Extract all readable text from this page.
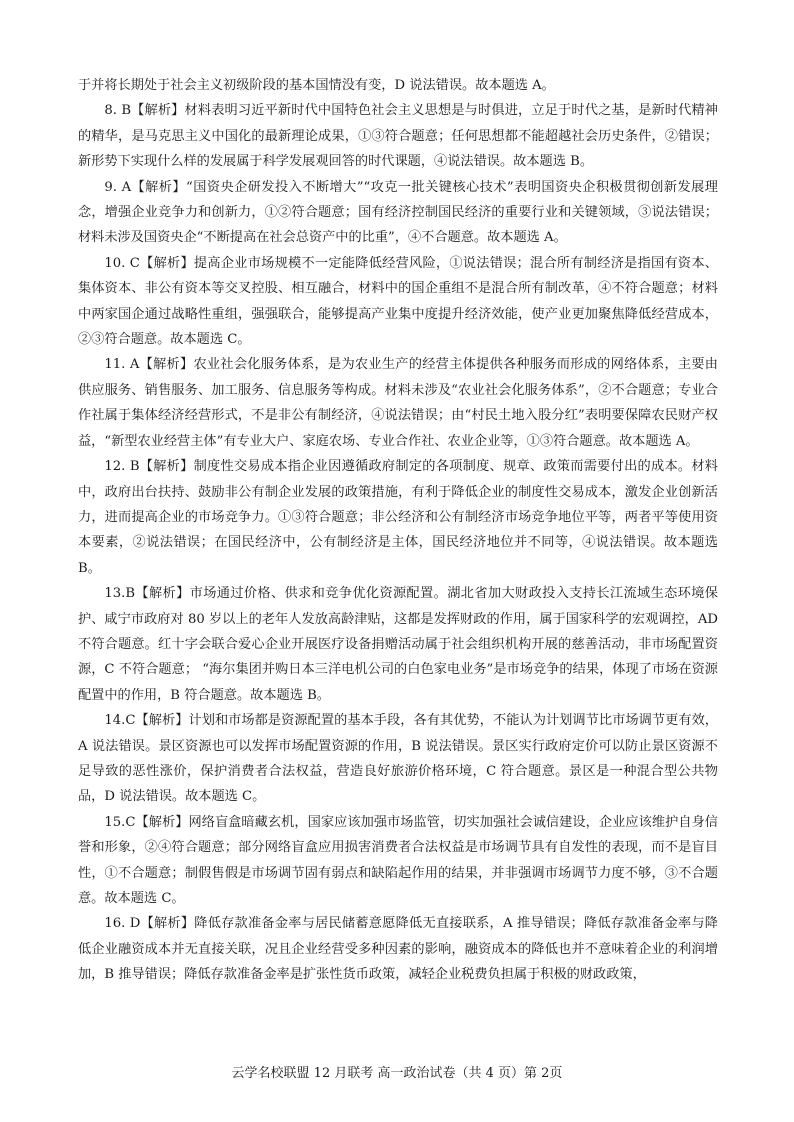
于并将长期处于社会主义初级阶段的基本国情没有变，D 说法错误。故本题选 A。

8. B【解析】材料表明习近平新时代中国特色社会主义思想是与时俱进，立足于时代之基，是新时代精神的精华，是马克思主义中国化的最新理论成果，①③符合题意；任何思想都不能超越社会历史条件，②错误；新形势下实现什么样的发展属于科学发展观回答的时代课题，④说法错误。故本题选 B。

9. A【解析】“国资央企研发投入不断增大”“攻克一批关键核心技术”表明国资央企积极贯彻创新发展理念，增强企业竞争力和创新力，①②符合题意；国有经济控制国民经济的重要行业和关键领域，③说法错误；材料未涉及国资央企“不断提高在社会总资产中的比重”，④不合题意。故本题选 A。

10. C【解析】提高企业市场规模不一定能降低经营风险，①说法错误；混合所有制经济是指国有资本、集体资本、非公有资本等交叉控股、相互融合，材料中的国企重组不是混合所有制改革，④不符合题意；材料中两家国企通过战略性重组，强强联合，能够提高产业集中度提升经济效能，使产业更加聚焦降低经营成本，②③符合题意。故本题选 C。

11. A【解析】农业社会化服务体系，是为农业生产的经营主体提供各种服务而形成的网络体系，主要由供应服务、销售服务、加工服务、信息服务等构成。材料未涉及“农业社会化服务体系”，②不合题意；专业合作社属于集体经济经营形式，不是非公有制经济，④说法错误；由“村民土地入股分红”表明要保障农民财产权益，“新型农业经营主体”有专业大户、家庭农场、专业合作社、农业企业等，①③符合题意。故本题选 A。

12. B【解析】制度性交易成本指企业因遵循政府制定的各项制度、规章、政策而需要付出的成本。材料中，政府出台扶持、鼓励非公有制企业发展的政策措施，有利于降低企业的制度性交易成本，激发企业创新活力，进而提高企业的市场竞争力。①③符合题意；非公经济和公有制经济市场竞争地位平等，两者平等使用资本要素，②说法错误；在国民经济中，公有制经济是主体，国民经济地位并不同等，④说法错误。故本题选 B。

13.B【解析】市场通过价格、供求和竞争优化资源配置。湖北省加大财政投入支持长江流域生态环境保护、咸宁市政府对 80 岁以上的老年人发放高龄津贴，这都是发挥财政的作用，属于国家科学的宏观调控，AD 不符合题意。红十字会联合爱心企业开展医疗设备捐赠活动属于社会组织机构开展的慈善活动，非市场配置资源，C 不符合题意； “海尔集团并购日本三洋电机公司的白色家电业务”是市场竞争的结果，体现了市场在资源配置中的作用，B 符合题意。故本题选 B。

14.C【解析】计划和市场都是资源配置的基本手段，各有其优势，不能认为计划调节比市场调节更有效，A 说法错误。景区资源也可以发挥市场配置资源的作用，B 说法错误。景区实行政府定价可以防止景区资源不足导致的恶性涨价，保护消费者合法权益，营造良好旅游价格环境，C 符合题意。景区是一种混合型公共物品，D 说法错误。故本题选 C。

15.C【解析】网络盲盒暗藏玄机，国家应该加强市场监管，切实加强社会诚信建设，企业应该维护自身信誉和形象，②④符合题意；部分网络盲盒应用损害消费者合法权益是市场调节具有自发性的表现，而不是盲目性，①不合题意；制假售假是市场调节固有弱点和缺陷起作用的结果，并非强调市场调节力度不够，③不合题意。故本题选 C。

16. D【解析】降低存款准备金率与居民储蓄意愿降低无直接联系，A 推导错误；降低存款准备金率与降低企业融资成本并无直接关联，况且企业经营受多种因素的影响，融资成本的降低也并不意味着企业的利润增加，B 推导错误；降低存款准备金率是扩张性货币政策，减轻企业税费负担属于积极的财政政策，

云学名校联盟 12 月联考 高一政治试卷（共 4 页）第 2页
